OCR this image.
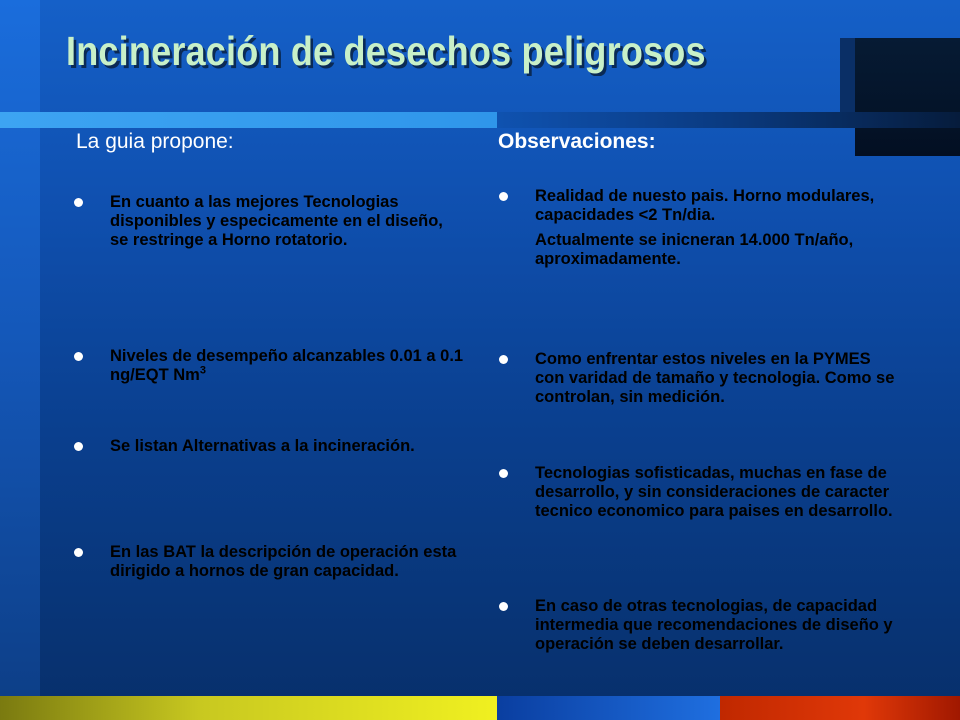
Incineración de desechos peligrosos

La guia propone:

En cuanto a las mejores Tecnologias disponibles y especicamente en el diseño, se restringe a Horno rotatorio.

Niveles de desempeño alcanzables 0.01 a 0.1 ng/EQT Nm$^3$

Se listan Alternativas a la incineración.

En las BAT la descripción de operación esta dirigido a hornos de gran capacidad.

Observaciones:

Realidad de nuesto pais. Horno modulares, capacidades <2 Tn/dia.

Actualmente se inicneran 14.000 Tn/año, aproximadamente.

Como enfrentar estos niveles en la PYMES con varidad de tamaño y tecnologia. Como se controlan, sin medición.

Tecnologias sofisticadas, muchas en fase de desarrollo, y sin consideraciones de caracter tecnico economico para paises en desarrollo.

En caso de otras tecnologias, de capacidad intermedia que recomendaciones de diseño y operación se deben desarrollar.
